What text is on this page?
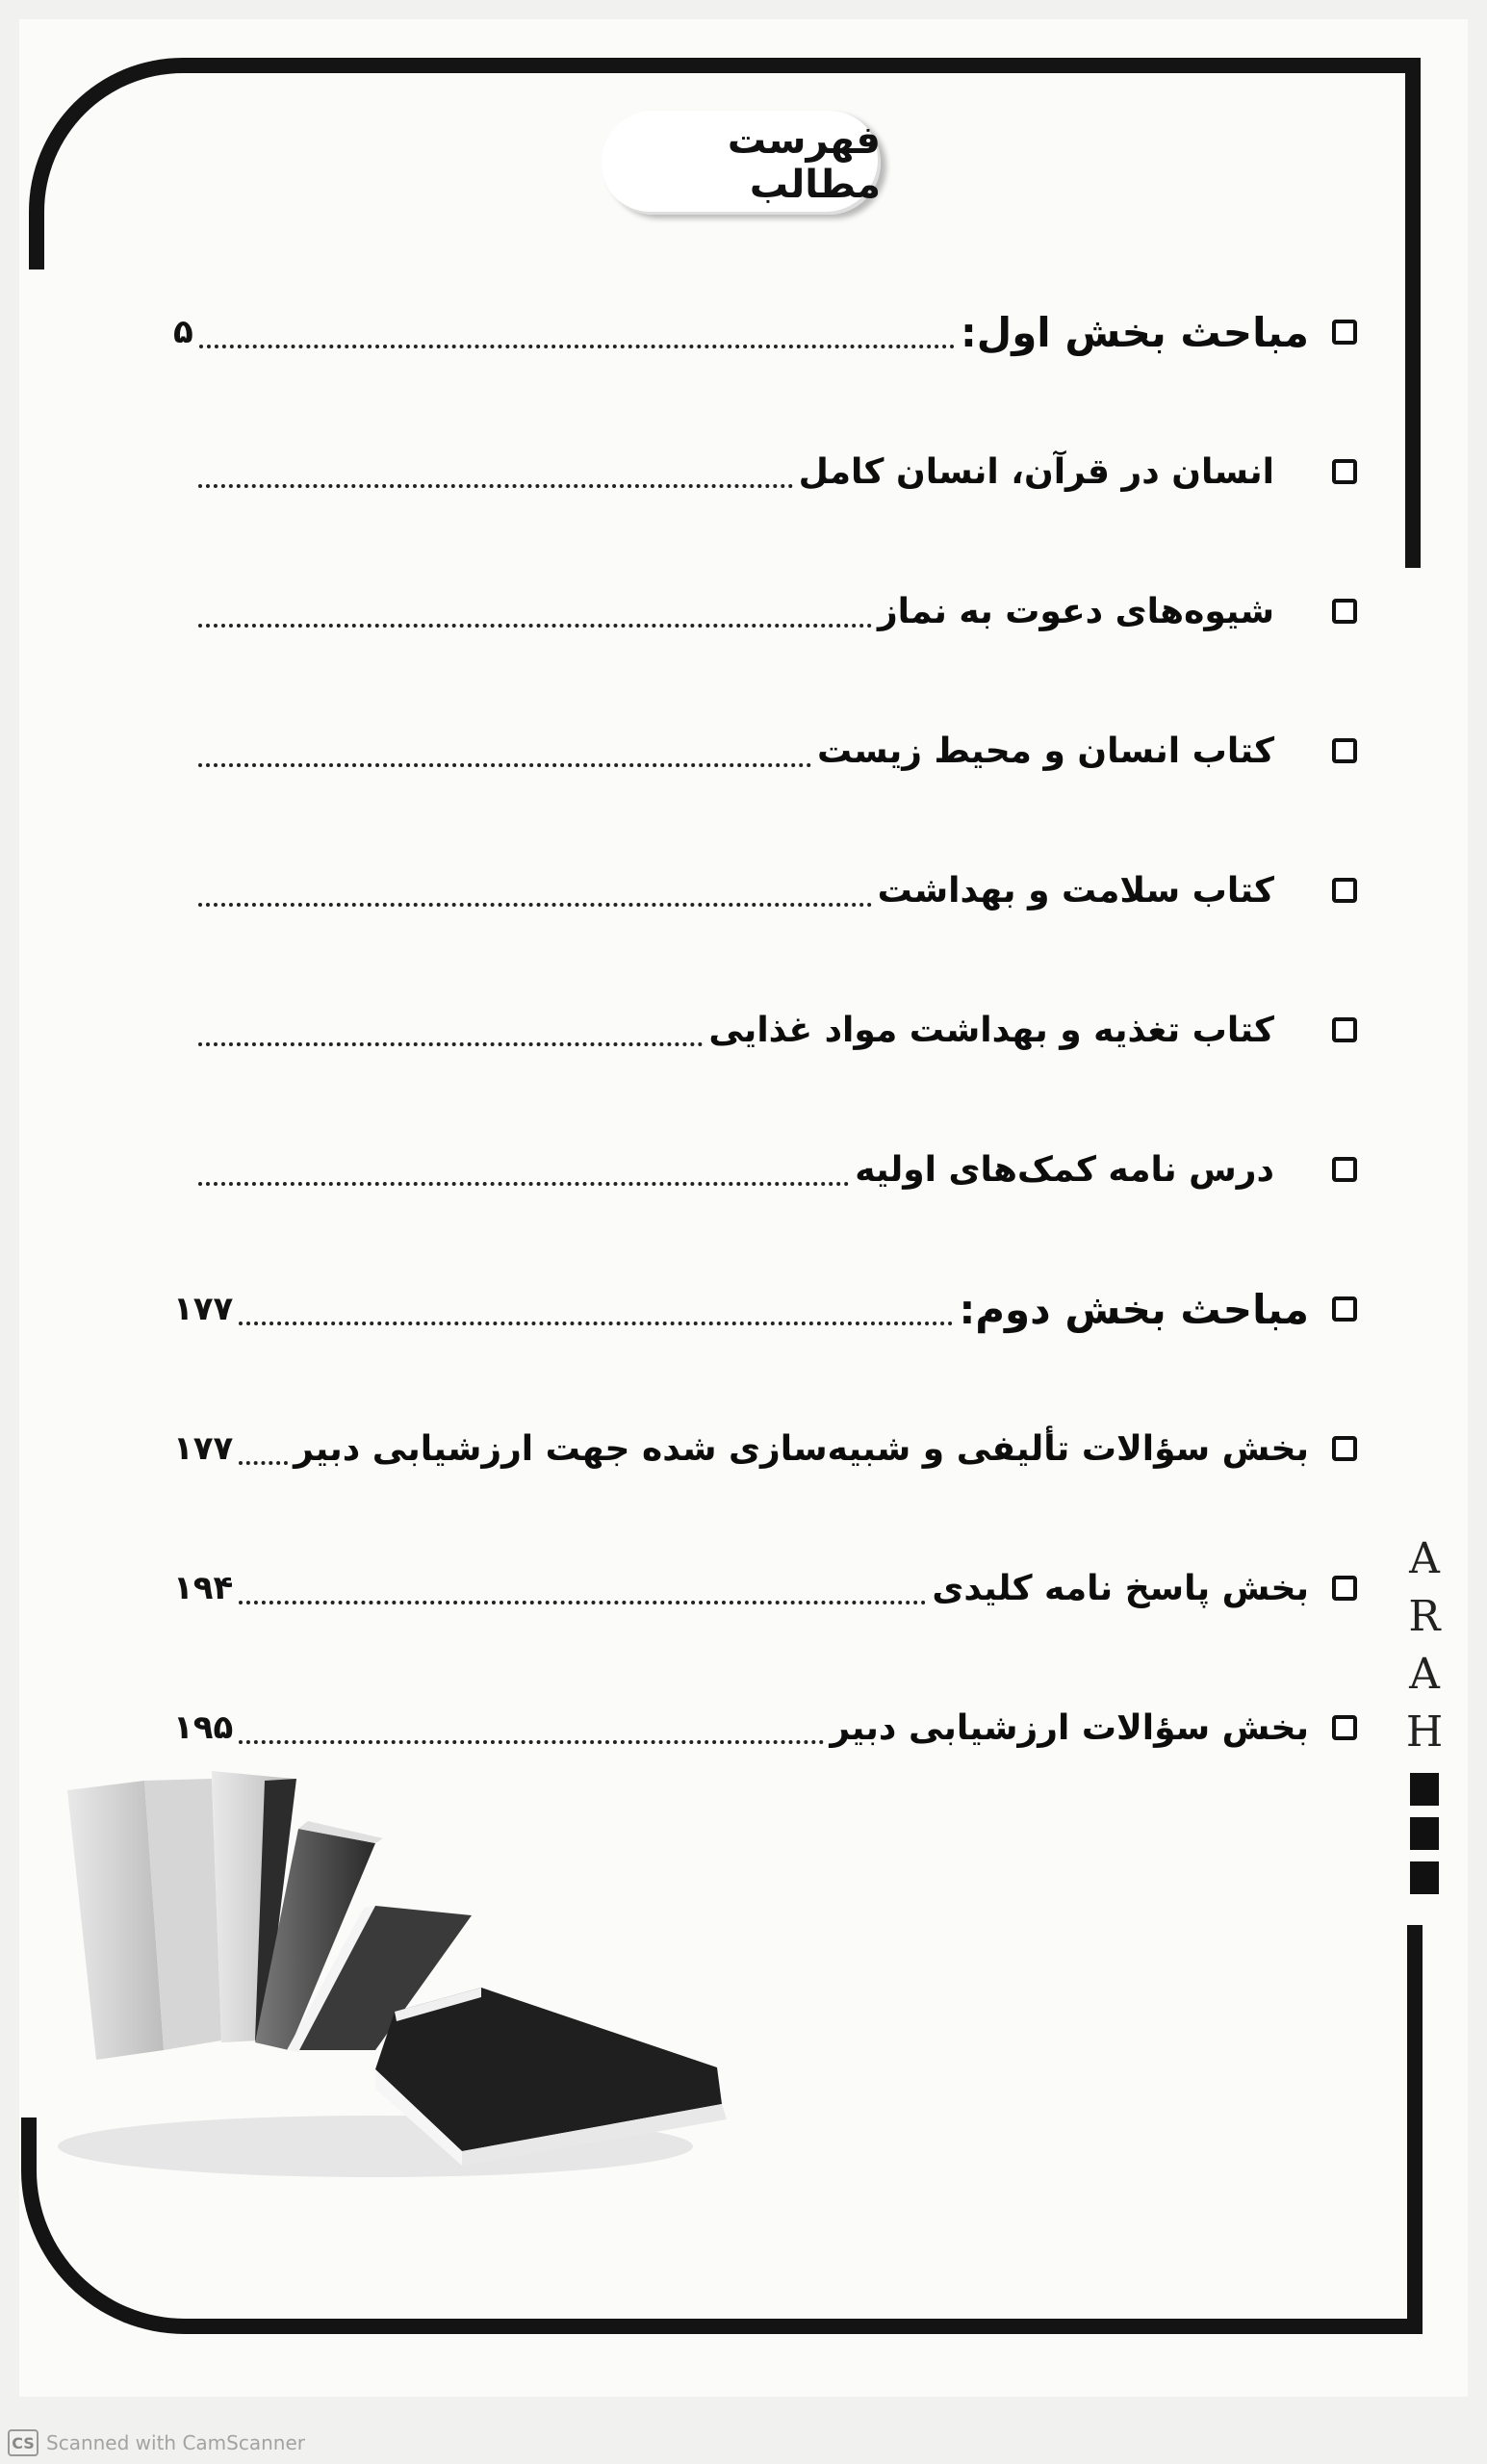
فهرست مطالب
مباحث بخش اول:
۵
انسان در قرآن، انسان کامل
شیوه‌های دعوت به نماز
کتاب انسان و محیط زیست
کتاب سلامت و بهداشت
کتاب تغذیه و بهداشت مواد غذایی
درس نامه کمک‌های اولیه
مباحث بخش دوم:
۱۷۷
بخش سؤالات تألیفی و شبیه‌سازی شده جهت ارزشیابی دبیر
۱۷۷
بخش پاسخ نامه کلیدی
۱۹۴
بخش سؤالات ارزشیابی دبیر
۱۹۵
A
R
A
H
CS Scanned with CamScanner
